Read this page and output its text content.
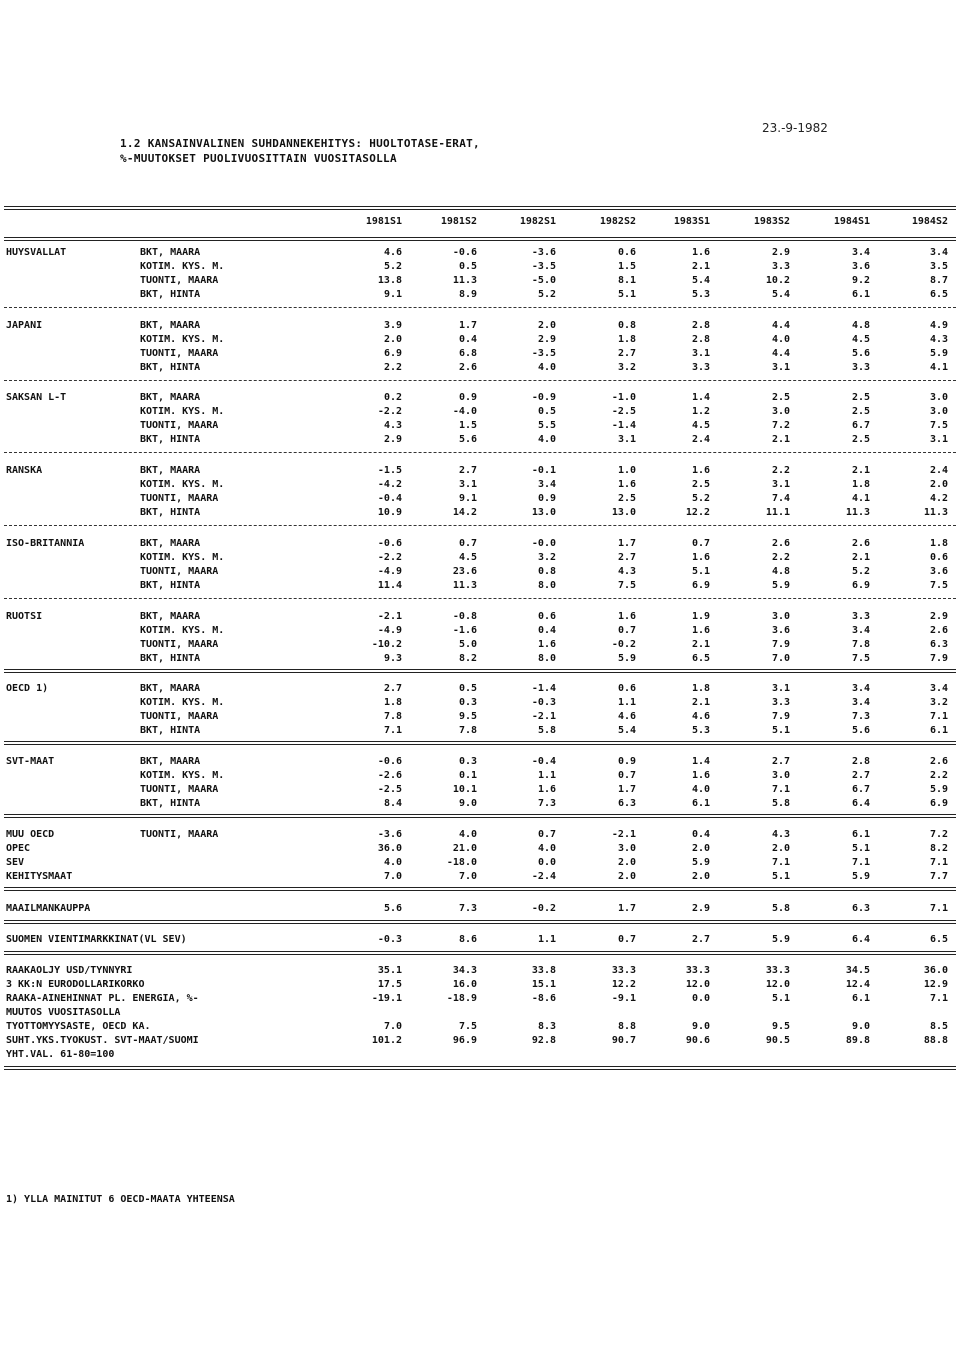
23.-9-1982
1.2 KANSAINVALINEN SUHDANNEKEHITYS: HUOLTOTASE-ERAT,
%-MUUTOKSET PUOLIVUOSITTAIN VUOSITASOLLA
1981S1	1981S2	1982S1	1982S2	1983S1	1983S2	1984S1	1984S2
HUYSVALLAT	BKT, MAARA	4.6	-0.6	-3.6	0.6	1.6	2.9	3.4	3.4
KOTIM. KYS. M.	5.2	0.5	-3.5	1.5	2.1	3.3	3.6	3.5
TUONTI, MAARA	13.8	11.3	-5.0	8.1	5.4	10.2	9.2	8.7
BKT, HINTA	9.1	8.9	5.2	5.1	5.3	5.4	6.1	6.5
JAPANI	BKT, MAARA	3.9	1.7	2.0	0.8	2.8	4.4	4.8	4.9
KOTIM. KYS. M.	2.0	0.4	2.9	1.8	2.8	4.0	4.5	4.3
TUONTI, MAARA	6.9	6.8	-3.5	2.7	3.1	4.4	5.6	5.9
BKT, HINTA	2.2	2.6	4.0	3.2	3.3	3.1	3.3	4.1
SAKSAN L-T	BKT, MAARA	0.2	0.9	-0.9	-1.0	1.4	2.5	2.5	3.0
KOTIM. KYS. M.	-2.2	-4.0	0.5	-2.5	1.2	3.0	2.5	3.0
TUONTI, MAARA	4.3	1.5	5.5	-1.4	4.5	7.2	6.7	7.5
BKT, HINTA	2.9	5.6	4.0	3.1	2.4	2.1	2.5	3.1
RANSKA	BKT, MAARA	-1.5	2.7	-0.1	1.0	1.6	2.2	2.1	2.4
KOTIM. KYS. M.	-4.2	3.1	3.4	1.6	2.5	3.1	1.8	2.0
TUONTI, MAARA	-0.4	9.1	0.9	2.5	5.2	7.4	4.1	4.2
BKT, HINTA	10.9	14.2	13.0	13.0	12.2	11.1	11.3	11.3
ISO-BRITANNIA	BKT, MAARA	-0.6	0.7	-0.0	1.7	0.7	2.6	2.6	1.8
KOTIM. KYS. M.	-2.2	4.5	3.2	2.7	1.6	2.2	2.1	0.6
TUONTI, MAARA	-4.9	23.6	0.8	4.3	5.1	4.8	5.2	3.6
BKT, HINTA	11.4	11.3	8.0	7.5	6.9	5.9	6.9	7.5
RUOTSI	BKT, MAARA	-2.1	-0.8	0.6	1.6	1.9	3.0	3.3	2.9
KOTIM. KYS. M.	-4.9	-1.6	0.4	0.7	1.6	3.6	3.4	2.6
TUONTI, MAARA	-10.2	5.0	1.6	-0.2	2.1	7.9	7.8	6.3
BKT, HINTA	9.3	8.2	8.0	5.9	6.5	7.0	7.5	7.9
OECD 1)	BKT, MAARA	2.7	0.5	-1.4	0.6	1.8	3.1	3.4	3.4
KOTIM. KYS. M.	1.8	0.3	-0.3	1.1	2.1	3.3	3.4	3.2
TUONTI, MAARA	7.8	9.5	-2.1	4.6	4.6	7.9	7.3	7.1
BKT, HINTA	7.1	7.8	5.8	5.4	5.3	5.1	5.6	6.1
SVT-MAAT	BKT, MAARA	-0.6	0.3	-0.4	0.9	1.4	2.7	2.8	2.6
KOTIM. KYS. M.	-2.6	0.1	1.1	0.7	1.6	3.0	2.7	2.2
TUONTI, MAARA	-2.5	10.1	1.6	1.7	4.0	7.1	6.7	5.9
BKT, HINTA	8.4	9.0	7.3	6.3	6.1	5.8	6.4	6.9
MUU OECD	TUONTI, MAARA	-3.6	4.0	0.7	-2.1	0.4	4.3	6.1	7.2
OPEC	36.0	21.0	4.0	3.0	2.0	2.0	5.1	8.2
SEV	4.0	-18.0	0.0	2.0	5.9	7.1	7.1	7.1
KEHITYSMAAT	7.0	7.0	-2.4	2.0	2.0	5.1	5.9	7.7
MAAILMANKAUPPA	5.6	7.3	-0.2	1.7	2.9	5.8	6.3	7.1
SUOMEN VIENTIMARKKINAT(VL SEV)	-0.3	8.6	1.1	0.7	2.7	5.9	6.4	6.5
RAAKAOLJY USD/TYNNYRI	35.1	34.3	33.8	33.3	33.3	33.3	34.5	36.0
3 KK:N EURODOLLARIKORKO	17.5	16.0	15.1	12.2	12.0	12.0	12.4	12.9
RAAKA-AINEHINNAT PL. ENERGIA, %-	-19.1	-18.9	-8.6	-9.1	0.0	5.1	6.1	7.1
MUUTOS VUOSITASOLLA
TYOTTOMYYSASTE, OECD KA.	7.0	7.5	8.3	8.8	9.0	9.5	9.0	8.5
SUHT.YKS.TYOKUST. SVT-MAAT/SUOMI	101.2	96.9	92.8	90.7	90.6	90.5	89.8	88.8
YHT.VAL. 61-80=100
1) YLLA MAINITUT 6 OECD-MAATA YHTEENSA
